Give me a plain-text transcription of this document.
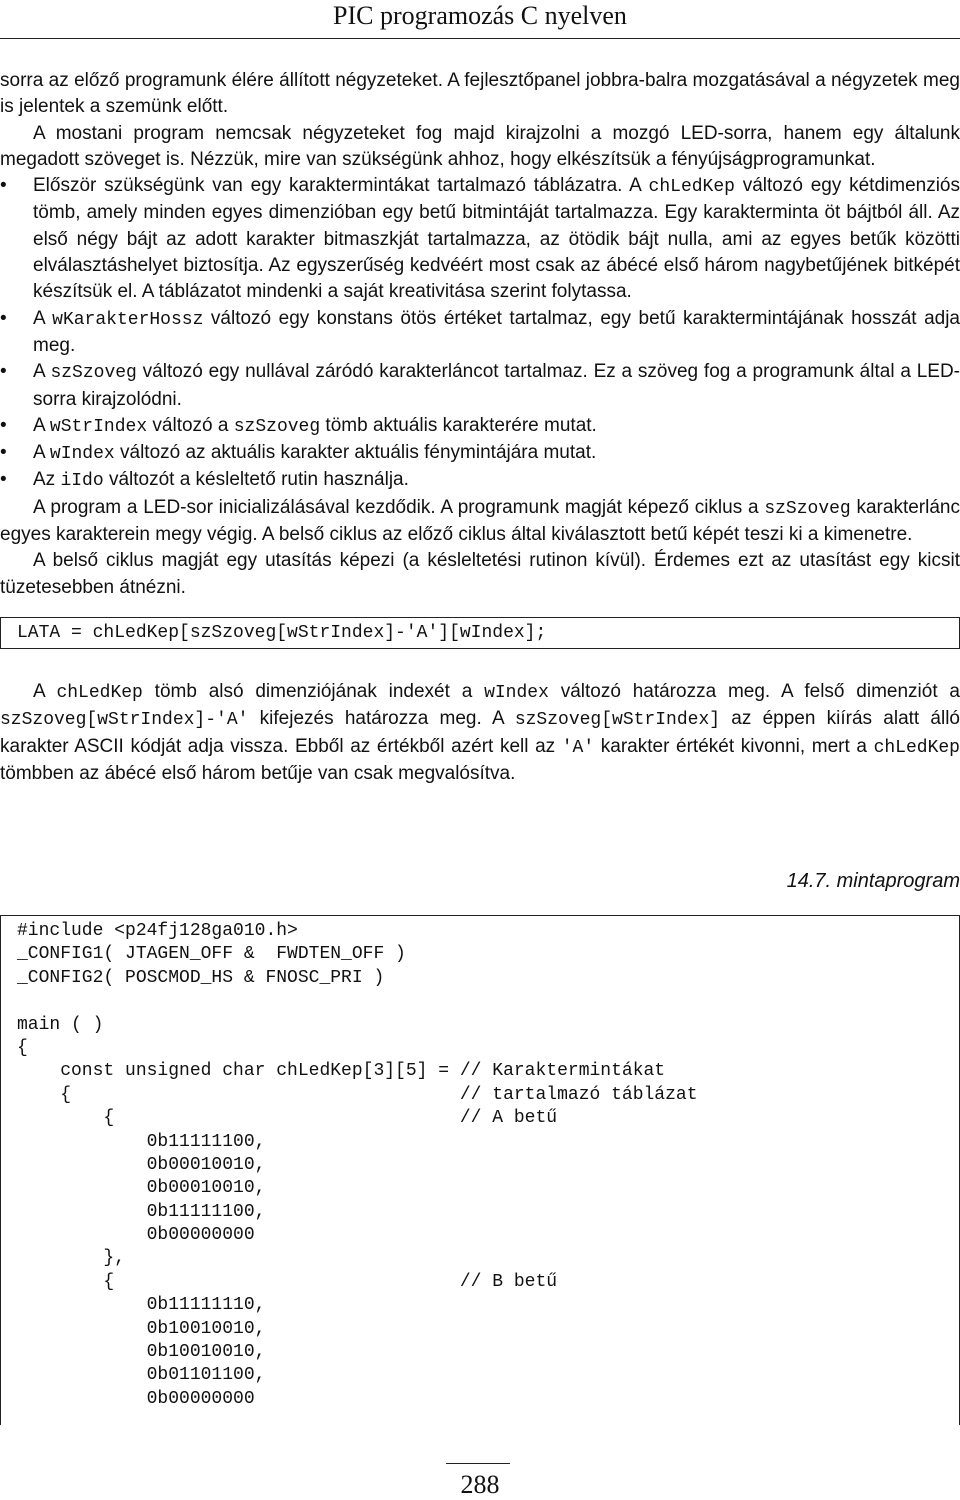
PIC programozás C nyelven

sorra az előző programunk élére állított négyzeteket. A fejlesztőpanel jobbra-balra mozgatásával a négyzetek meg is jelentek a szemünk előtt.

A mostani program nemcsak négyzeteket fog majd kirajzolni a mozgó LED-sorra, hanem egy általunk megadott szöveget is. Nézzük, mire van szükségünk ahhoz, hogy elkészítsük a fényújságprogramunkat.

•	Először szükségünk van egy karaktermintákat tartalmazó táblázatra. A chLedKep változó egy kétdimenziós tömb, amely minden egyes dimenzióban egy betű bitmintáját tartalmazza. Egy karakterminta öt bájtból áll. Az első négy bájt az adott karakter bitmaszkját tartalmazza, az ötödik bájt nulla, ami az egyes betűk közötti elválasztáshelyet biztosítja. Az egyszerűség kedvéért most csak az ábécé első három nagybetűjének bitképét készítsük el. A táblázatot mindenki a saját kreativitása szerint folytassa.

•	A wKarakterHossz változó egy konstans ötös értéket tartalmaz, egy betű karaktermintájának hosszát adja meg.

•	A szSzoveg változó egy nullával záródó karakterláncot tartalmaz. Ez a szöveg fog a programunk által a LED-sorra kirajzolódni.

•	A wStrIndex változó a szSzoveg tömb aktuális karakterére mutat.

•	A wIndex változó az aktuális karakter aktuális fénymintájára mutat.

•	Az iIdo változót a késleltető rutin használja.

A program a LED-sor inicializálásával kezdődik. A programunk magját képező ciklus a szSzoveg karakterlánc egyes karakterein megy végig. A belső ciklus az előző ciklus által kiválasztott betű képét teszi ki a kimenetre.

A belső ciklus magját egy utasítás képezi (a késleltetési rutinon kívül). Érdemes ezt az utasítást egy kicsit tüzetesebben átnézni.

LATA = chLedKep[szSzoveg[wStrIndex]-'A'][wIndex];

A chLedKep tömb alsó dimenziójának indexét a wIndex változó határozza meg. A felső dimenziót a szSzoveg[wStrIndex]-'A' kifejezés határozza meg. A szSzoveg[wStrIndex] az éppen kiírás alatt álló karakter ASCII kódját adja vissza. Ebből az értékből azért kell az 'A' karakter értékét kivonni, mert a chLedKep tömbben az ábécé első három betűje van csak megvalósítva.

14.7. mintaprogram
#include <p24fj128ga010.h>
_CONFIG1( JTAGEN_OFF &  FWDTEN_OFF )
_CONFIG2( POSCMOD_HS & FNOSC_PRI )
main ( )
{
const unsigned char chLedKep[3][5] = // Karaktermintákat
{                                    // tartalmazó táblázat
{                                // A betű
0b11111100,
0b00010010,
0b00010010,
0b11111100,
0b00000000
},
{                                // B betű
0b11111110,
0b10010010,
0b10010010,
0b01101100,
0b00000000
288
